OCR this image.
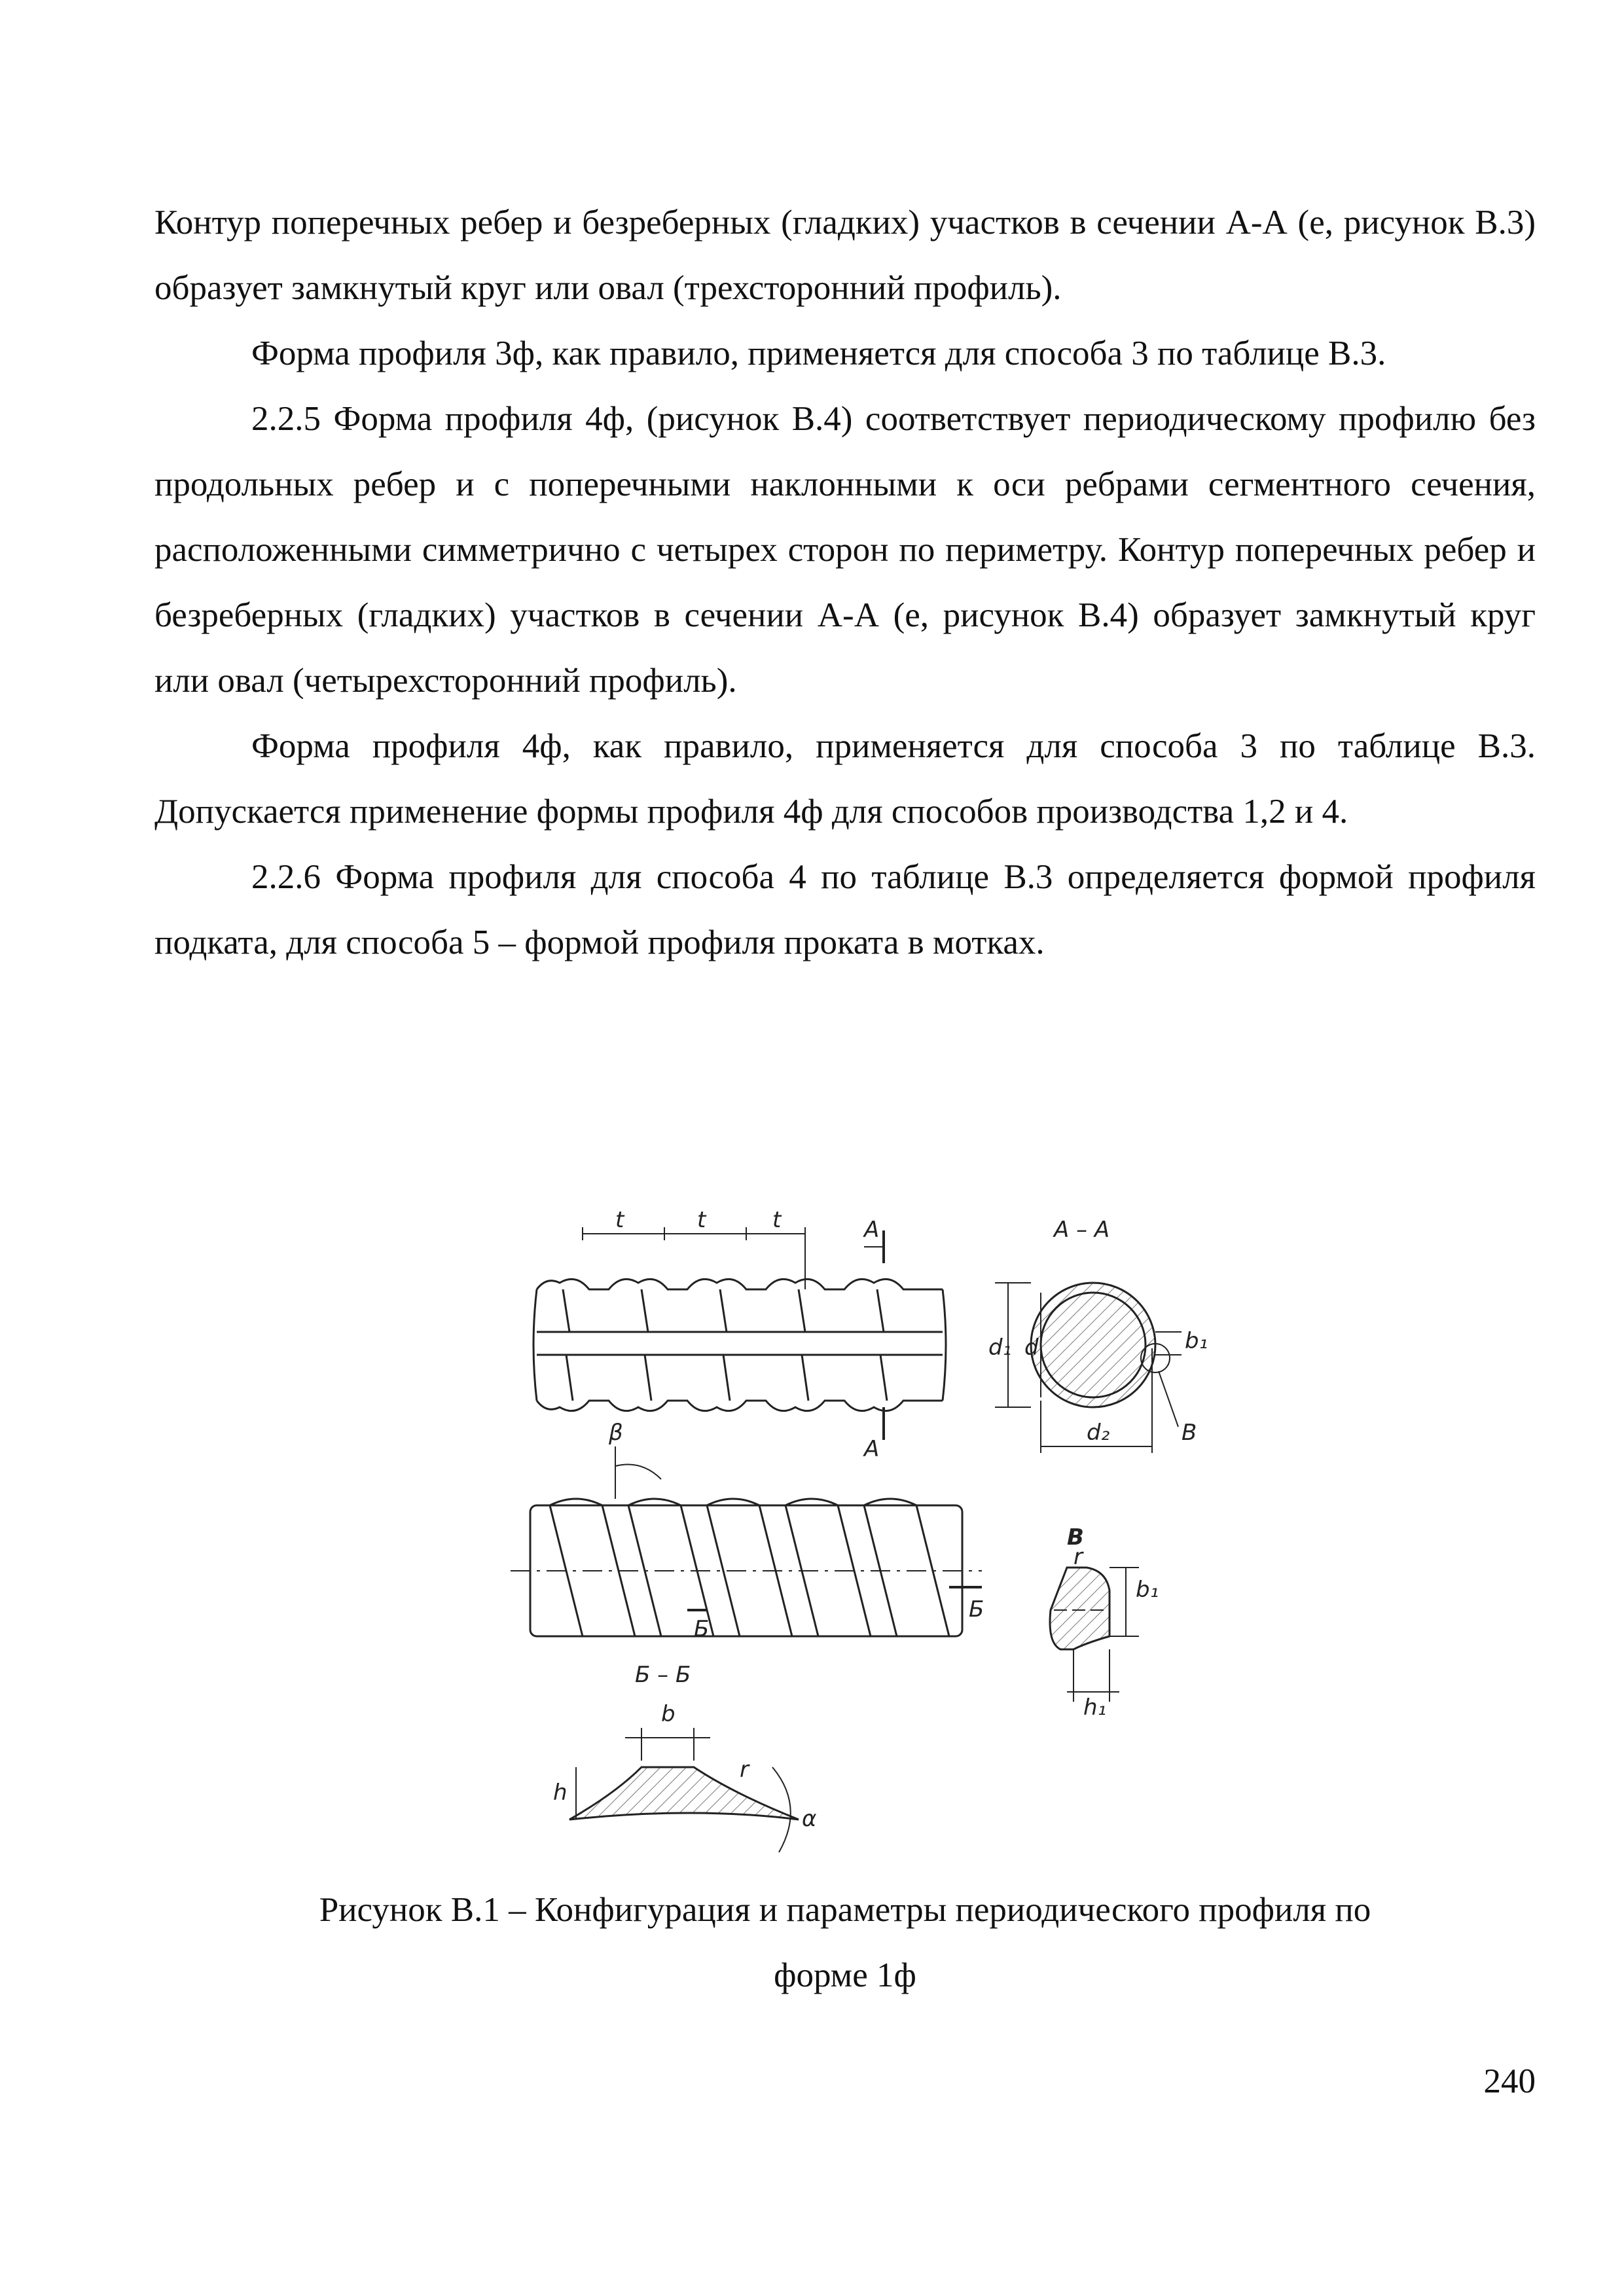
Контур поперечных ребер и безреберных (гладких) участков в сечении А-А (е, рисунок В.3) образует замкнутый круг или овал (трехсторонний профиль).

Форма профиля 3ф, как правило, применяется для способа 3 по таблице В.3.

2.2.5 Форма профиля 4ф, (рисунок В.4) соответствует периодическому профилю без продольных ребер и с поперечными наклонными к оси ребрами сегментного сечения, расположенными симметрично с четырех сторон по периметру. Контур поперечных ребер и безреберных (гладких) участков в сечении А-А (е, рисунок В.4) образует замкнутый круг или овал (четырехсторонний профиль).

Форма профиля 4ф, как правило, применяется для способа 3 по таблице В.3. Допускается применение формы профиля 4ф для способов производства 1,2 и 4.

2.2.6 Форма профиля для способа 4 по таблице В.3 определяется формой профиля подката, для способа 5 – формой профиля проката в мотках.

t	t	t	А
А
А – А
d₁ d
d₂
b₁
В
β
Б
Б
Б – Б
b
h
r
α
В
b₁
h₁
r
Рисунок В.1 – Конфигурация и параметры периодического профиля по
форме 1ф
240
